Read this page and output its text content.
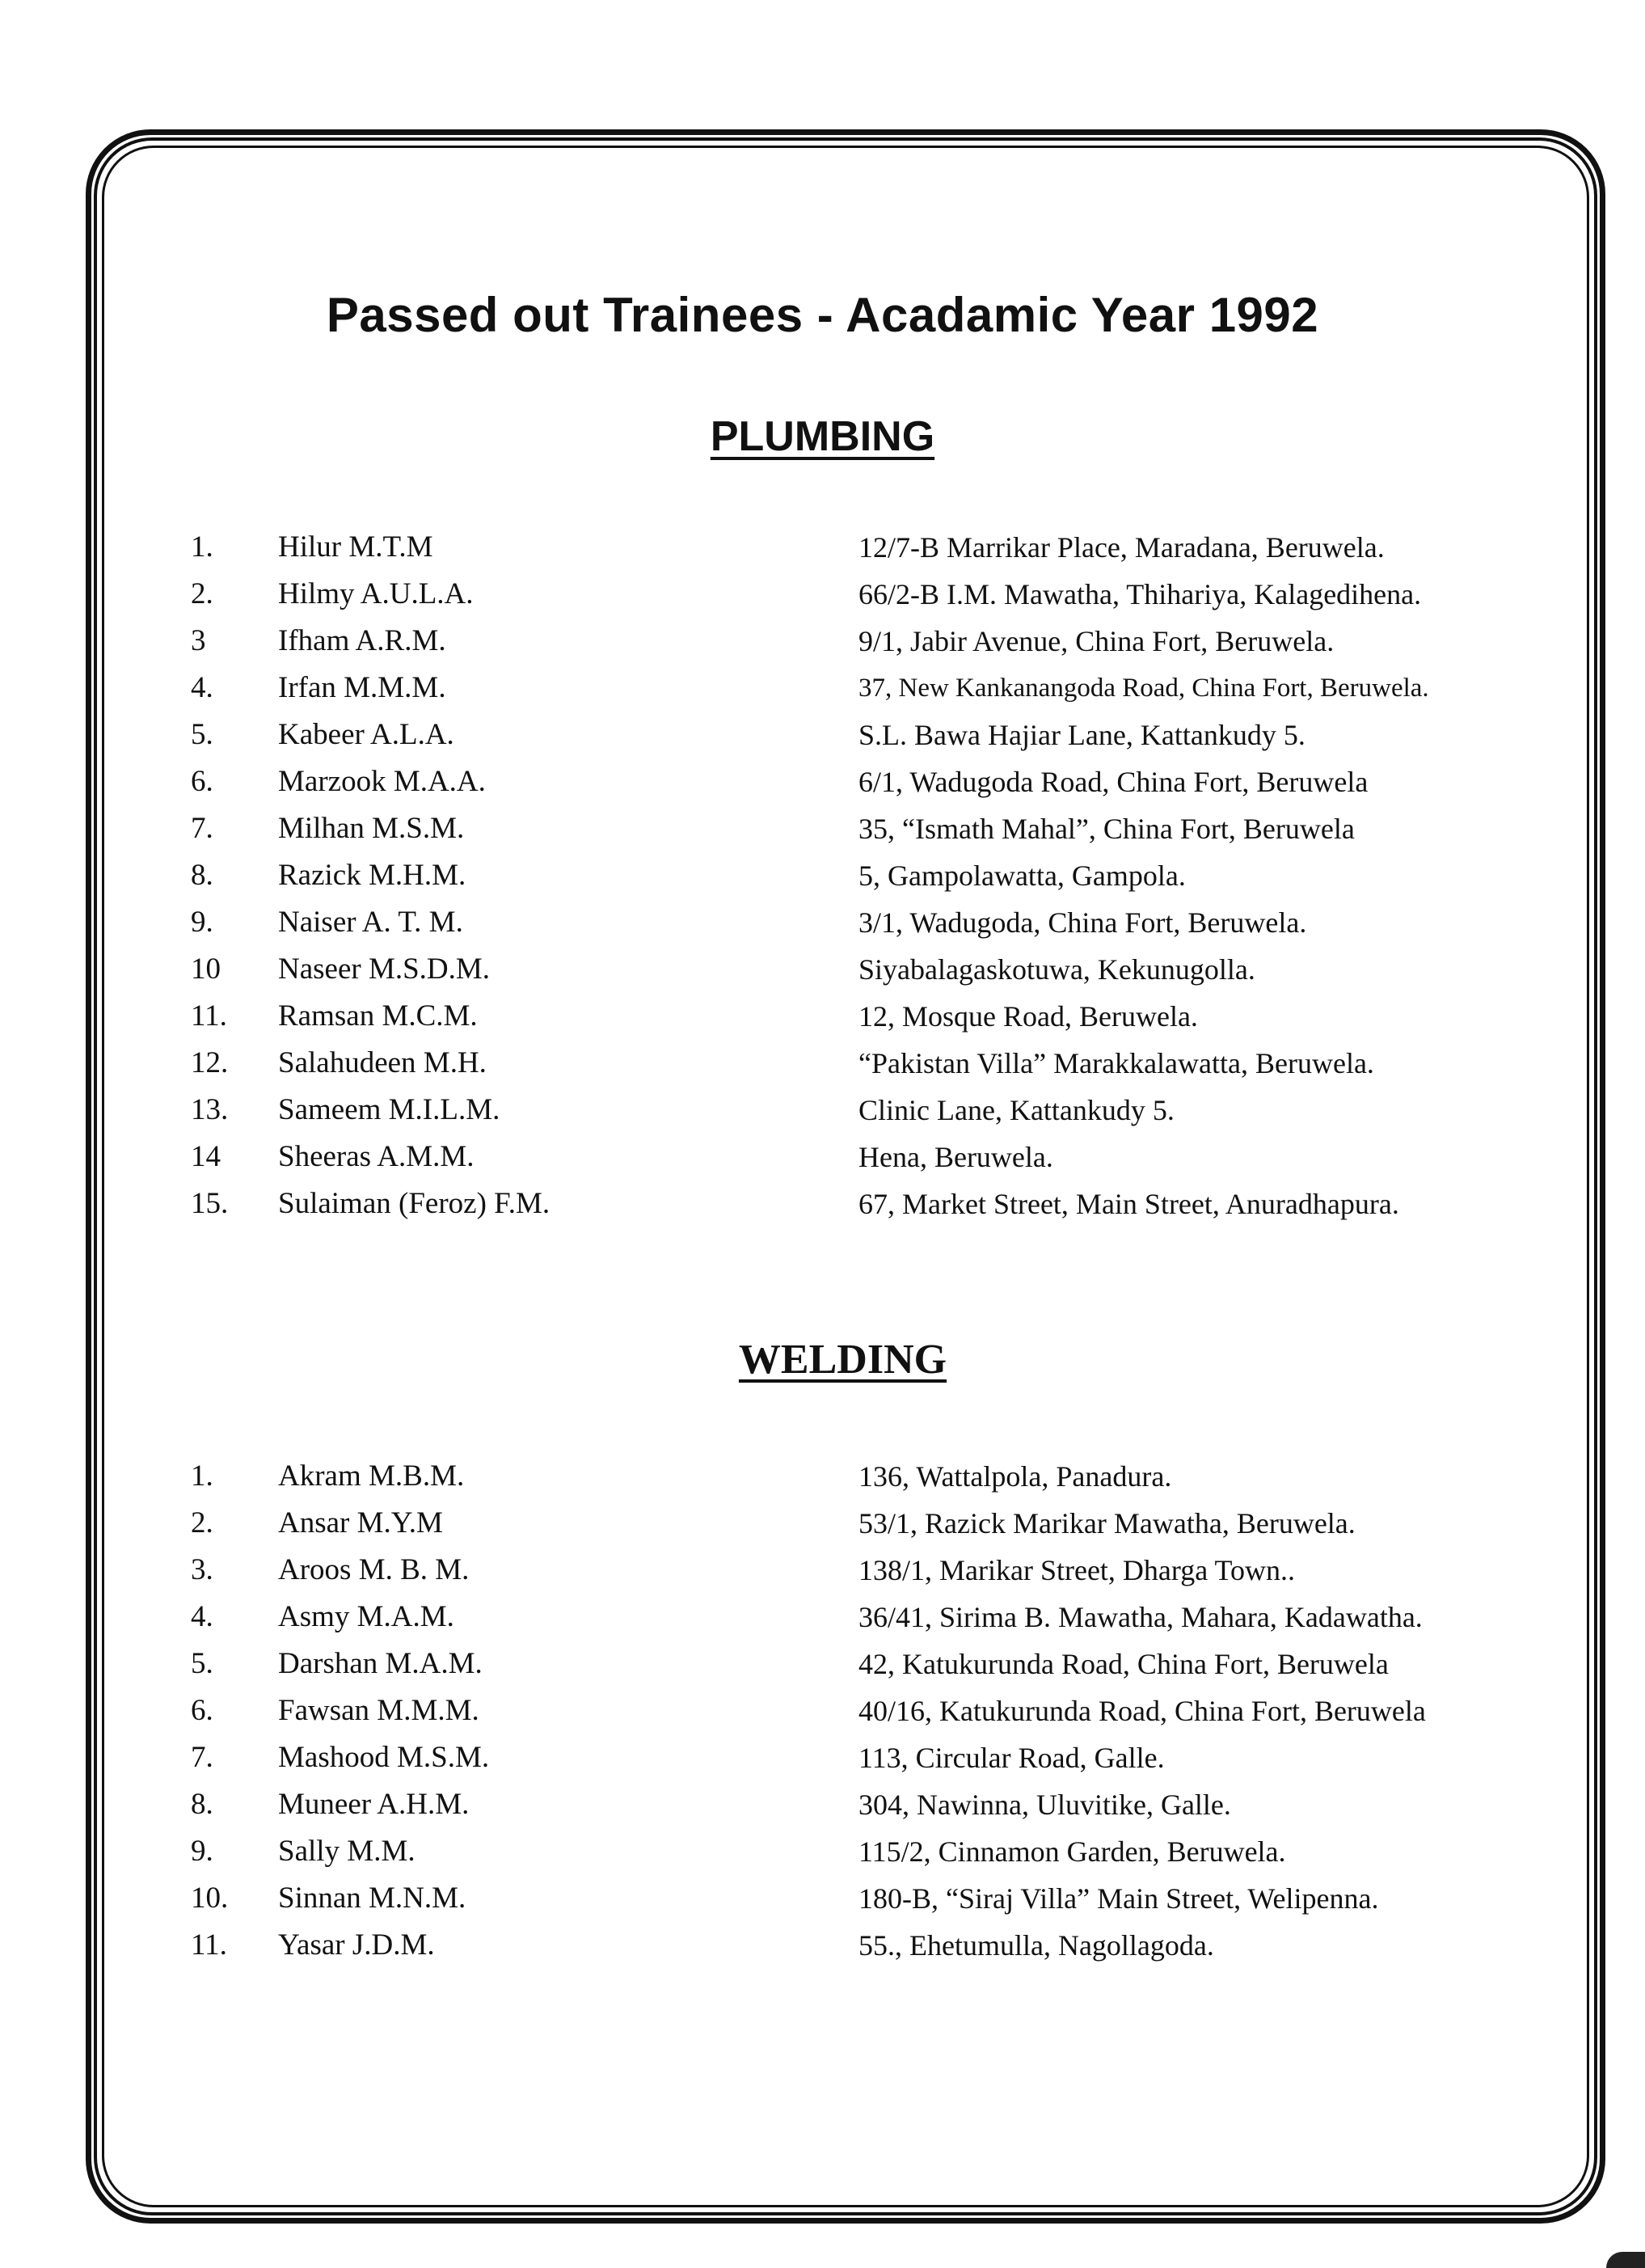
Passed out Trainees - Acadamic Year 1992
PLUMBING
1. Hilur M.T.M	12/7-B Marrikar Place, Maradana, Beruwela.
2. Hilmy A.U.L.A.	66/2-B I.M. Mawatha, Thihariya, Kalagedihena.
3 Ifham A.R.M.	9/1, Jabir Avenue, China Fort, Beruwela.
4. Irfan M.M.M.	37, New Kankanangoda Road, China Fort, Beruwela.
5. Kabeer A.L.A.	S.L. Bawa Hajiar Lane, Kattankudy 5.
6. Marzook M.A.A.	6/1, Wadugoda Road, China Fort, Beruwela
7. Milhan M.S.M.	35, “Ismath Mahal”, China Fort, Beruwela
8. Razick M.H.M.	5, Gampolawatta, Gampola.
9. Naiser A. T. M.	3/1, Wadugoda, China Fort, Beruwela.
10 Naseer M.S.D.M.	Siyabalagaskotuwa, Kekunugolla.
11. Ramsan M.C.M.	12, Mosque Road, Beruwela.
12. Salahudeen M.H.	“Pakistan Villa” Marakkalawatta, Beruwela.
13. Sameem M.I.L.M.	Clinic Lane, Kattankudy 5.
14 Sheeras A.M.M.	Hena, Beruwela.
15. Sulaiman (Feroz) F.M.	67, Market Street, Main Street, Anuradhapura.
WELDING
1. Akram M.B.M.	136, Wattalpola, Panadura.
2. Ansar M.Y.M	53/1, Razick Marikar Mawatha, Beruwela.
3. Aroos M. B. M.	138/1, Marikar Street, Dharga Town..
4. Asmy M.A.M.	36/41, Sirima B. Mawatha, Mahara, Kadawatha.
5. Darshan M.A.M.	42, Katukurunda Road, China Fort, Beruwela
6. Fawsan M.M.M.	40/16, Katukurunda Road, China Fort, Beruwela
7. Mashood M.S.M.	113, Circular Road, Galle.
8. Muneer A.H.M.	304, Nawinna, Uluvitike, Galle.
9. Sally M.M.	115/2, Cinnamon Garden, Beruwela.
10. Sinnan M.N.M.	180-B, “Siraj Villa” Main Street, Welipenna.
11. Yasar J.D.M.	55., Ehetumulla, Nagollagoda.
